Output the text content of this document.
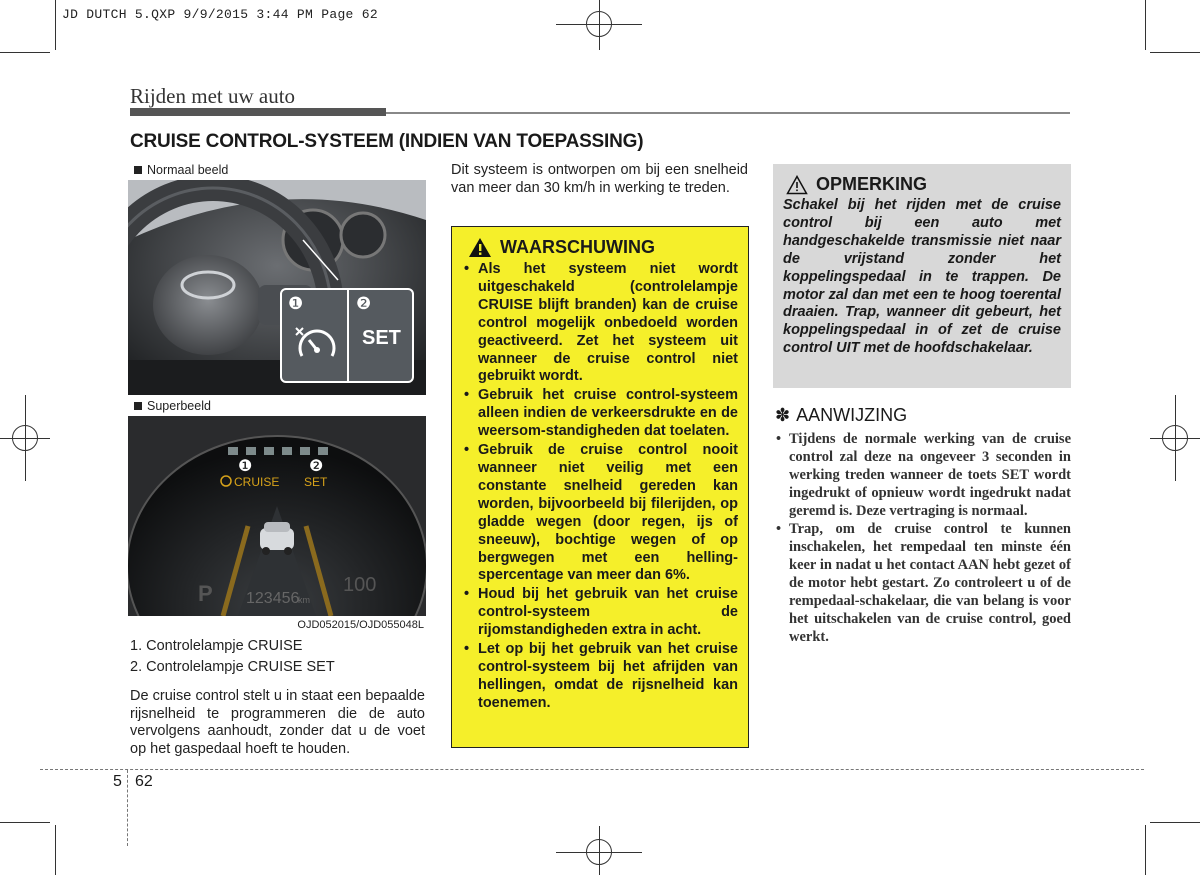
JD DUTCH 5.QXP 9/9/2015 3:44 PM Page 62
Rijden met uw auto
CRUISE CONTROL-SYSTEEM (INDIEN VAN TOEPASSING)
Normaal beeld
❶	❷
SET
Superbeeld
P	100
123456
km
❶	❷
CRUISE SET
OJD052015/OJD055048L
1. Controlelampje CRUISE
2. Controlelampje CRUISE SET
De cruise control stelt u in staat een bepaalde rijsnelheid te programmeren die de auto vervolgens aanhoudt, zonder dat u de voet op het gaspedaal hoeft te houden.
Dit systeem is ontworpen om bij een snelheid van meer dan 30 km/h in werking te treden.
WAARSCHUWING
• Als het systeem niet wordt uitgeschakeld (controlelampje CRUISE blijft branden) kan de cruise control mogelijk onbedoeld worden geactiveerd. Zet het systeem uit wanneer de cruise control niet gebruikt wordt.
• Gebruik het cruise control-systeem alleen indien de verkeersdrukte en de weersom-standigheden dat toelaten.
• Gebruik de cruise control nooit wanneer niet veilig met een constante snelheid gereden kan worden, bijvoorbeeld bij filerijden, op gladde wegen (door regen, ijs of sneeuw), bochtige wegen of op bergwegen met een helling-spercentage van meer dan 6%.
• Houd bij het gebruik van het cruise control-systeem de rijomstandigheden extra in acht.
• Let op bij het gebruik van het cruise control-systeem bij het afrijden van hellingen, omdat de rijsnelheid kan toenemen.
OPMERKING
Schakel bij het rijden met de cruise control bij een auto met handgeschakelde transmissie niet naar de vrijstand zonder het koppelingspedaal in te trappen. De motor zal dan met een te hoog toerental draaien. Trap, wanneer dit gebeurt, het koppelingspedaal in of zet de cruise control UIT met de hoofdschakelaar.
✽ AANWIJZING
• Tijdens de normale werking van de cruise control zal deze na ongeveer 3 seconden in werking treden wanneer de toets SET wordt ingedrukt of opnieuw wordt ingedrukt nadat geremd is. Deze vertraging is normaal.
• Trap, om de cruise control te kunnen inschakelen, het rempedaal ten minste één keer in nadat u het contact AAN hebt gezet of de motor hebt gestart. Zo controleert u of de rempedaal-schakelaar, die van belang is voor het uitschakelen van de cruise control, goed werkt.
5 62
